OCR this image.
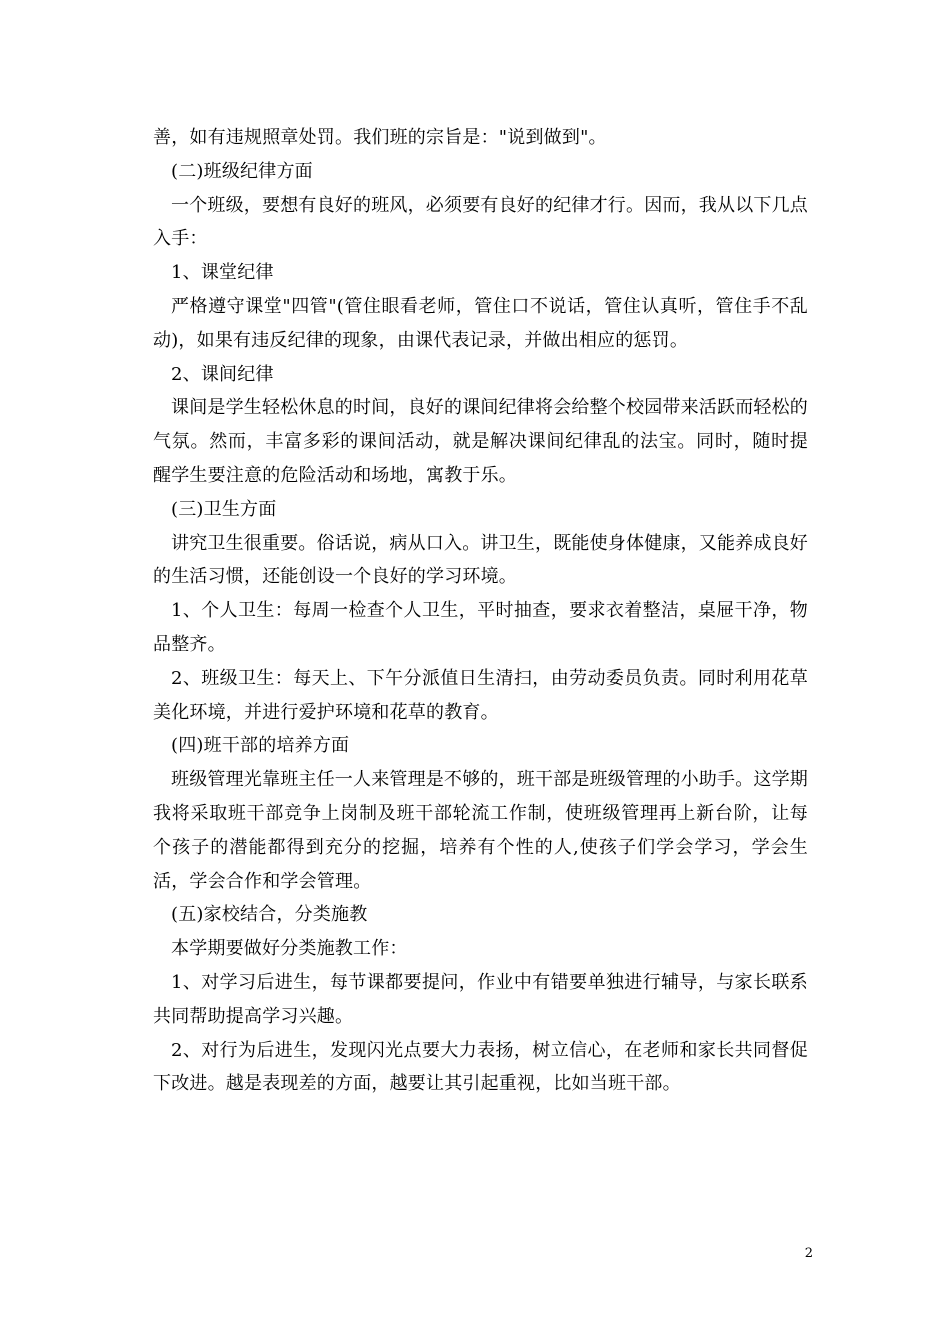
善，如有违规照章处罚。我们班的宗旨是："说到做到"。

(二)班级纪律方面

一个班级，要想有良好的班风，必须要有良好的纪律才行。因而，我从以下几点入手：

1、课堂纪律

严格遵守课堂"四管"(管住眼看老师，管住口不说话，管住认真听，管住手不乱动)，如果有违反纪律的现象，由课代表记录，并做出相应的惩罚。

2、课间纪律

课间是学生轻松休息的时间，良好的课间纪律将会给整个校园带来活跃而轻松的气氛。然而，丰富多彩的课间活动，就是解决课间纪律乱的法宝。同时，随时提醒学生要注意的危险活动和场地，寓教于乐。

(三)卫生方面

讲究卫生很重要。俗话说，病从口入。讲卫生，既能使身体健康，又能养成良好的生活习惯，还能创设一个良好的学习环境。

1、个人卫生：每周一检查个人卫生，平时抽查，要求衣着整洁，桌屉干净，物品整齐。

2、班级卫生：每天上、下午分派值日生清扫，由劳动委员负责。同时利用花草美化环境，并进行爱护环境和花草的教育。

(四)班干部的培养方面

班级管理光靠班主任一人来管理是不够的，班干部是班级管理的小助手。这学期我将采取班干部竞争上岗制及班干部轮流工作制，使班级管理再上新台阶，让每个孩子的潜能都得到充分的挖掘，培养有个性的人,使孩子们学会学习，学会生活，学会合作和学会管理。

(五)家校结合，分类施教

本学期要做好分类施教工作：

1、对学习后进生，每节课都要提问，作业中有错要单独进行辅导，与家长联系共同帮助提高学习兴趣。

2、对行为后进生，发现闪光点要大力表扬，树立信心，在老师和家长共同督促下改进。越是表现差的方面，越要让其引起重视，比如当班干部。

2
